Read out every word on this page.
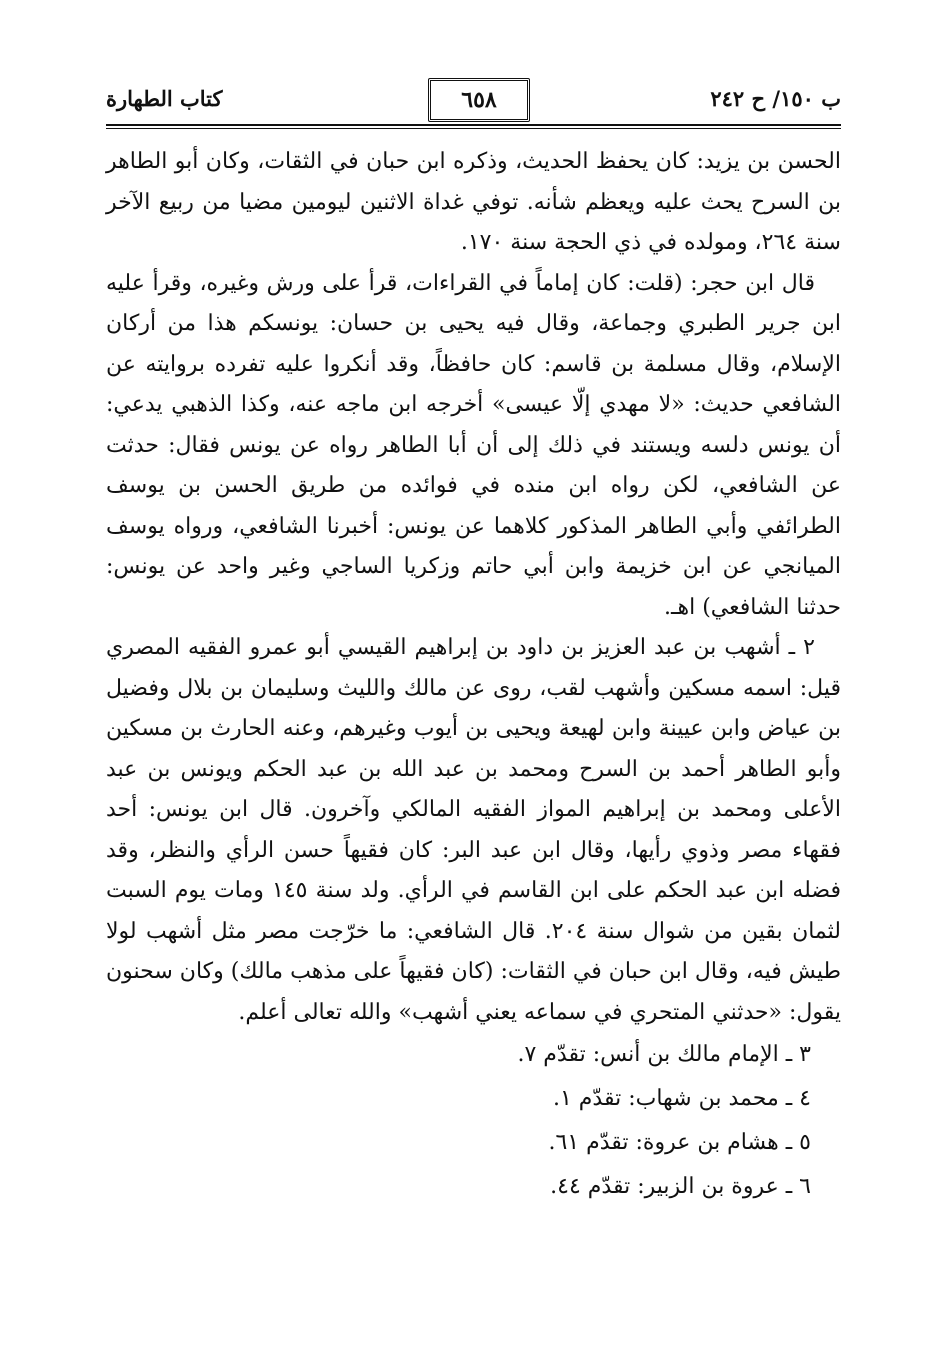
ب ١٥٠/ ح ٢٤٢
٦٥٨
كتاب الطهارة

الحسن بن يزيد: كان يحفظ الحديث، وذكره ابن حبان في الثقات، وكان أبو الطاهر بن السرح يحث عليه ويعظم شأنه. توفي غداة الاثنين ليومين مضيا من ربيع الآخر سنة ٢٦٤، ومولده في ذي الحجة سنة ١٧٠.

قال ابن حجر: (قلت: كان إماماً في القراءات، قرأ على ورش وغيره، وقرأ عليه ابن جرير الطبري وجماعة، وقال فيه يحيى بن حسان: يونسكم هذا من أركان الإسلام، وقال مسلمة بن قاسم: كان حافظاً، وقد أنكروا عليه تفرده بروايته عن الشافعي حديث: «لا مهدي إلّا عيسى» أخرجه ابن ماجه عنه، وكذا الذهبي يدعي: أن يونس دلسه ويستند في ذلك إلى أن أبا الطاهر رواه عن يونس فقال: حدثت عن الشافعي، لكن رواه ابن منده في فوائده من طريق الحسن بن يوسف الطرائفي وأبي الطاهر المذكور كلاهما عن يونس: أخبرنا الشافعي، ورواه يوسف الميانجي عن ابن خزيمة وابن أبي حاتم وزكريا الساجي وغير واحد عن يونس: حدثنا الشافعي) اهـ.

٢ ـ أشهب بن عبد العزيز بن داود بن إبراهيم القيسي أبو عمرو الفقيه المصري قيل: اسمه مسكين وأشهب لقب، روى عن مالك والليث وسليمان بن بلال وفضيل بن عياض وابن عيينة وابن لهيعة ويحيى بن أيوب وغيرهم، وعنه الحارث بن مسكين وأبو الطاهر أحمد بن السرح ومحمد بن عبد الله بن عبد الحكم ويونس بن عبد الأعلى ومحمد بن إبراهيم المواز الفقيه المالكي وآخرون. قال ابن يونس: أحد فقهاء مصر وذوي رأيها، وقال ابن عبد البر: كان فقيهاً حسن الرأي والنظر، وقد فضله ابن عبد الحكم على ابن القاسم في الرأي. ولد سنة ١٤٥ ومات يوم السبت لثمان بقين من شوال سنة ٢٠٤. قال الشافعي: ما خرّجت مصر مثل أشهب لولا طيش فيه، وقال ابن حبان في الثقات: (كان فقيهاً على مذهب مالك) وكان سحنون يقول: «حدثني المتحري في سماعه يعني أشهب» والله تعالى أعلم.

٣ ـ الإمام مالك بن أنس: تقدّم ٧.
٤ ـ محمد بن شهاب: تقدّم ١.
٥ ـ هشام بن عروة: تقدّم ٦١.
٦ ـ عروة بن الزبير: تقدّم ٤٤.
